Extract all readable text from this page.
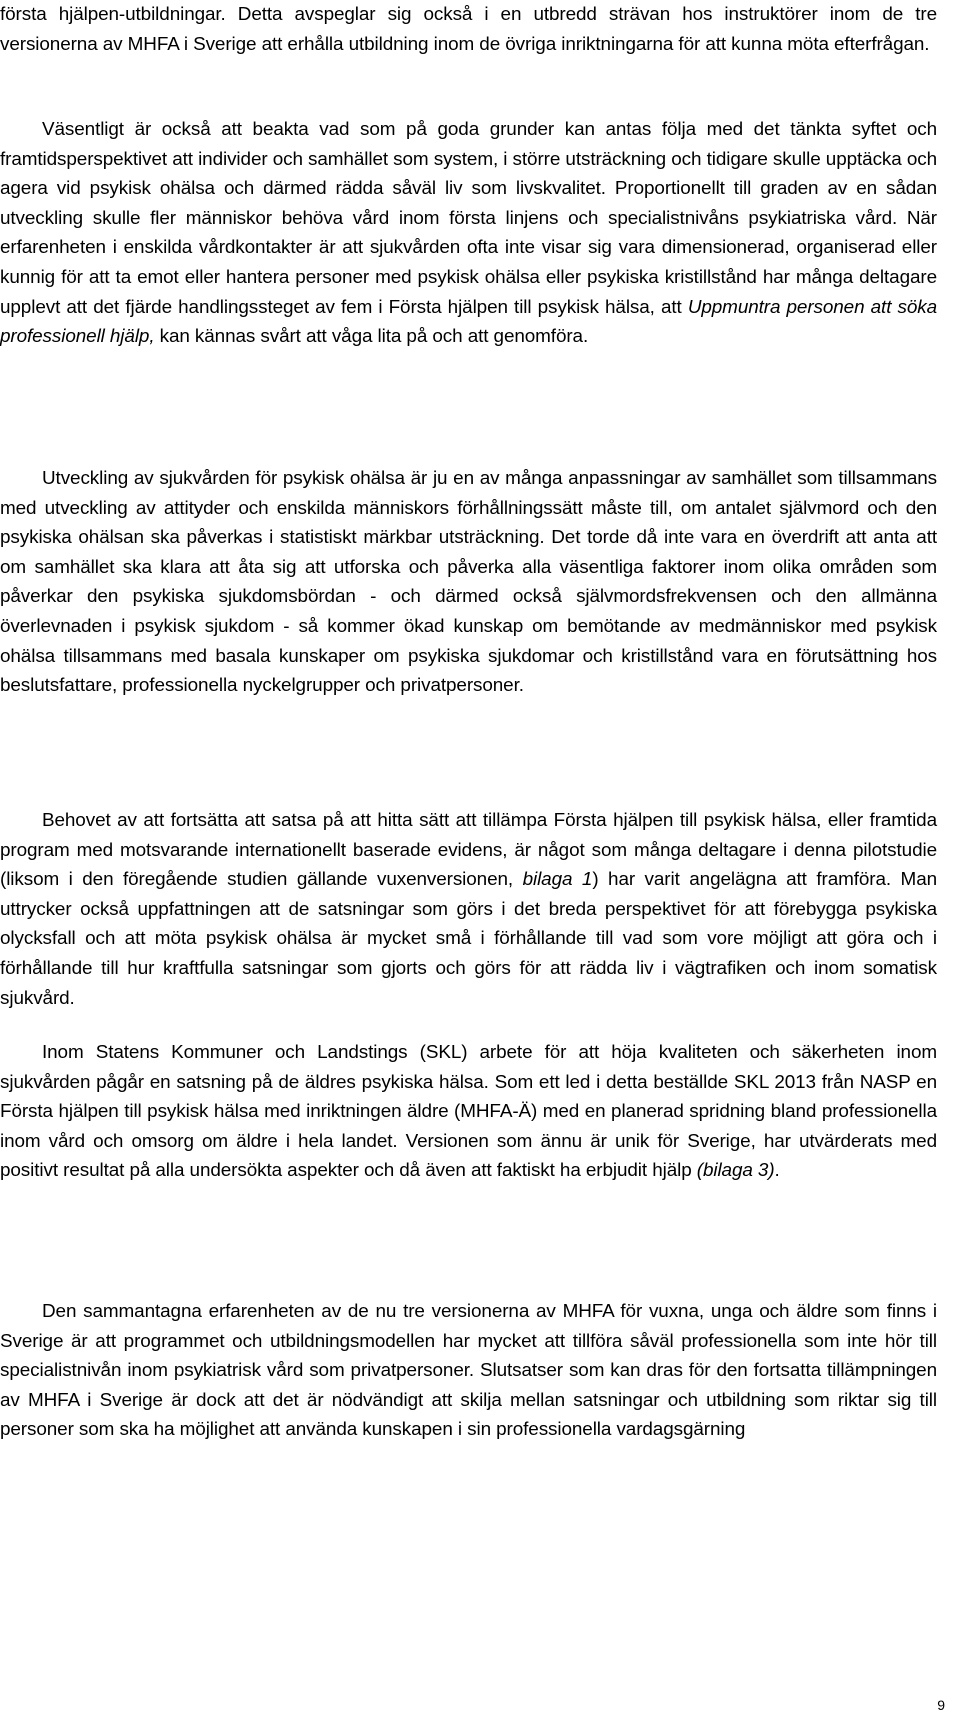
första hjälpen-utbildningar. Detta avspeglar sig också i en utbredd strävan hos instruktörer inom de tre versionerna av MHFA i Sverige att erhålla utbildning inom de övriga inriktningarna för att kunna möta efterfrågan.

Väsentligt är också att beakta vad som på goda grunder kan antas följa med det tänkta syftet och framtidsperspektivet att individer och samhället som system, i större utsträckning och tidigare skulle upptäcka och agera vid psykisk ohälsa och därmed rädda såväl liv som livskvalitet. Proportionellt till graden av en sådan utveckling skulle fler människor behöva vård inom första linjens och specialistnivåns psykiatriska vård. När erfarenheten i enskilda vårdkontakter är att sjukvården ofta inte visar sig vara dimensionerad, organiserad eller kunnig för att ta emot eller hantera personer med psykisk ohälsa eller psykiska kristillstånd har många deltagare upplevt att det fjärde handlingssteget av fem i Första hjälpen till psykisk hälsa, att Uppmuntra personen att söka professionell hjälp, kan kännas svårt att våga lita på och att genomföra.

Utveckling av sjukvården för psykisk ohälsa är ju en av många anpassningar av samhället som tillsammans med utveckling av attityder och enskilda människors förhållningssätt måste till, om antalet självmord och den psykiska ohälsan ska påverkas i statistiskt märkbar utsträckning. Det torde då inte vara en överdrift att anta att om samhället ska klara att åta sig att utforska och påverka alla väsentliga faktorer inom olika områden som påverkar den psykiska sjukdomsbördan - och därmed också självmordsfrekvensen och den allmänna överlevnaden i psykisk sjukdom - så kommer ökad kunskap om bemötande av medmänniskor med psykisk ohälsa tillsammans med basala kunskaper om psykiska sjukdomar och kristillstånd vara en förutsättning hos beslutsfattare, professionella nyckelgrupper och privatpersoner.

Behovet av att fortsätta att satsa på att hitta sätt att tillämpa Första hjälpen till psykisk hälsa, eller framtida program med motsvarande internationellt baserade evidens, är något som många deltagare i denna pilotstudie (liksom i den föregående studien gällande vuxenversionen, bilaga 1) har varit angelägna att framföra. Man uttrycker också uppfattningen att de satsningar som görs i det breda perspektivet för att förebygga psykiska olycksfall och att möta psykisk ohälsa är mycket små i förhållande till vad som vore möjligt att göra och i förhållande till hur kraftfulla satsningar som gjorts och görs för att rädda liv i vägtrafiken och inom somatisk sjukvård.

Inom Statens Kommuner och Landstings (SKL) arbete för att höja kvaliteten och säkerheten inom sjukvården pågår en satsning på de äldres psykiska hälsa. Som ett led i detta beställde SKL 2013 från NASP en Första hjälpen till psykisk hälsa med inriktningen äldre (MHFA-Ä) med en planerad spridning bland professionella inom vård och omsorg om äldre i hela landet. Versionen som ännu är unik för Sverige, har utvärderats med positivt resultat på alla undersökta aspekter och då även att faktiskt ha erbjudit hjälp (bilaga 3).

Den sammantagna erfarenheten av de nu tre versionerna av MHFA för vuxna, unga och äldre som finns i Sverige är att programmet och utbildningsmodellen har mycket att tillföra såväl professionella som inte hör till specialistnivån inom psykiatrisk vård som privatpersoner. Slutsatser som kan dras för den fortsatta tillämpningen av MHFA i Sverige är dock att det är nödvändigt att skilja mellan satsningar och utbildning som riktar sig till personer som ska ha möjlighet att använda kunskapen i sin professionella vardagsgärning

9
